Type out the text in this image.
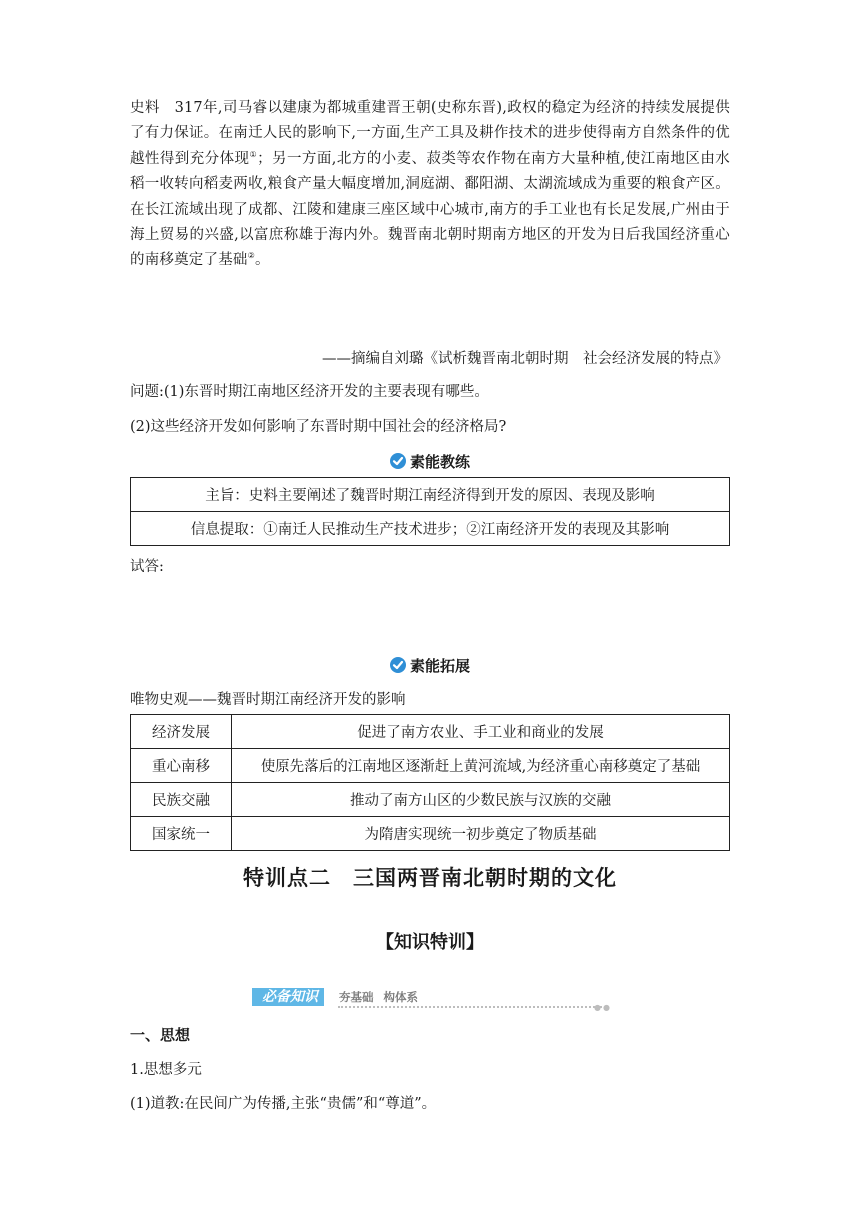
史料　317年,司马睿以建康为都城重建晋王朝(史称东晋),政权的稳定为经济的持续发展提供了有力保证。在南迁人民的影响下,一方面,生产工具及耕作技术的进步使得南方自然条件的优越性得到充分体现①；另一方面,北方的小麦、菽类等农作物在南方大量种植,使江南地区由水稻一收转向稻麦两收,粮食产量大幅度增加,洞庭湖、鄱阳湖、太湖流域成为重要的粮食产区。在长江流域出现了成都、江陵和建康三座区域中心城市,南方的手工业也有长足发展,广州由于海上贸易的兴盛,以富庶称雄于海内外。魏晋南北朝时期南方地区的开发为日后我国经济重心的南移奠定了基础②。

——摘编自刘璐《试析魏晋南北朝时期　社会经济发展的特点》
问题:(1)东晋时期江南地区经济开发的主要表现有哪些。
(2)这些经济开发如何影响了东晋时期中国社会的经济格局?
素能教练
主旨：史料主要阐述了魏晋时期江南经济得到开发的原因、表现及影响
信息提取：①南迁人民推动生产技术进步；②江南经济开发的表现及其影响
试答:
素能拓展
唯物史观——魏晋时期江南经济开发的影响
经济发展	促进了南方农业、手工业和商业的发展
重心南移	使原先落后的江南地区逐渐赶上黄河流域,为经济重心南移奠定了基础
民族交融	推动了南方山区的少数民族与汉族的交融
国家统一	为隋唐实现统一初步奠定了物质基础
特训点二　三国两晋南北朝时期的文化
【知识特训】
必备知识	夯基础 构体系
●●
一、思想
1.思想多元
(1)道教:在民间广为传播,主张“贵儒”和“尊道”。
